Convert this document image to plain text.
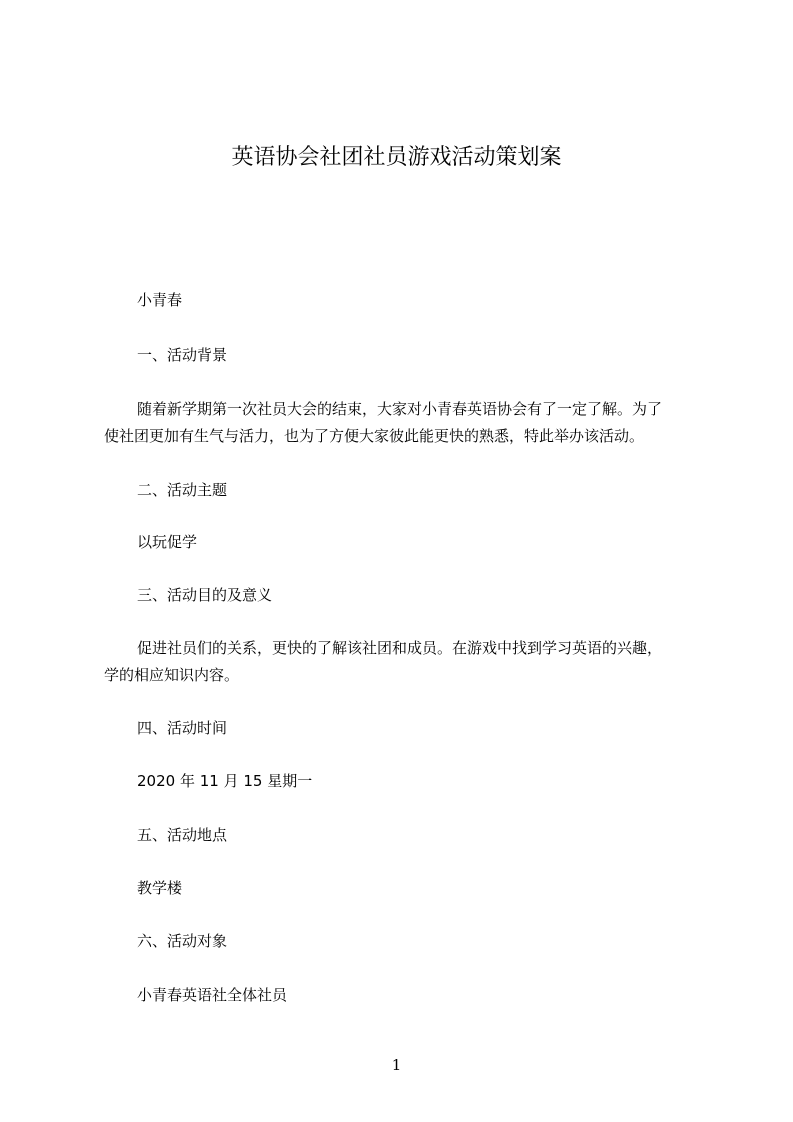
英语协会社团社员游戏活动策划案
小青春
一、活动背景
随着新学期第一次社员大会的结束，大家对小青春英语协会有了一定了解。为了
使社团更加有生气与活力，也为了方便大家彼此能更快的熟悉，特此举办该活动。
二、活动主题
以玩促学
三、活动目的及意义
促进社员们的关系，更快的了解该社团和成员。在游戏中找到学习英语的兴趣，
学的相应知识内容。
四、活动时间
2020 年 11 月 15 星期一
五、活动地点
教学楼
六、活动对象
小青春英语社全体社员
1
